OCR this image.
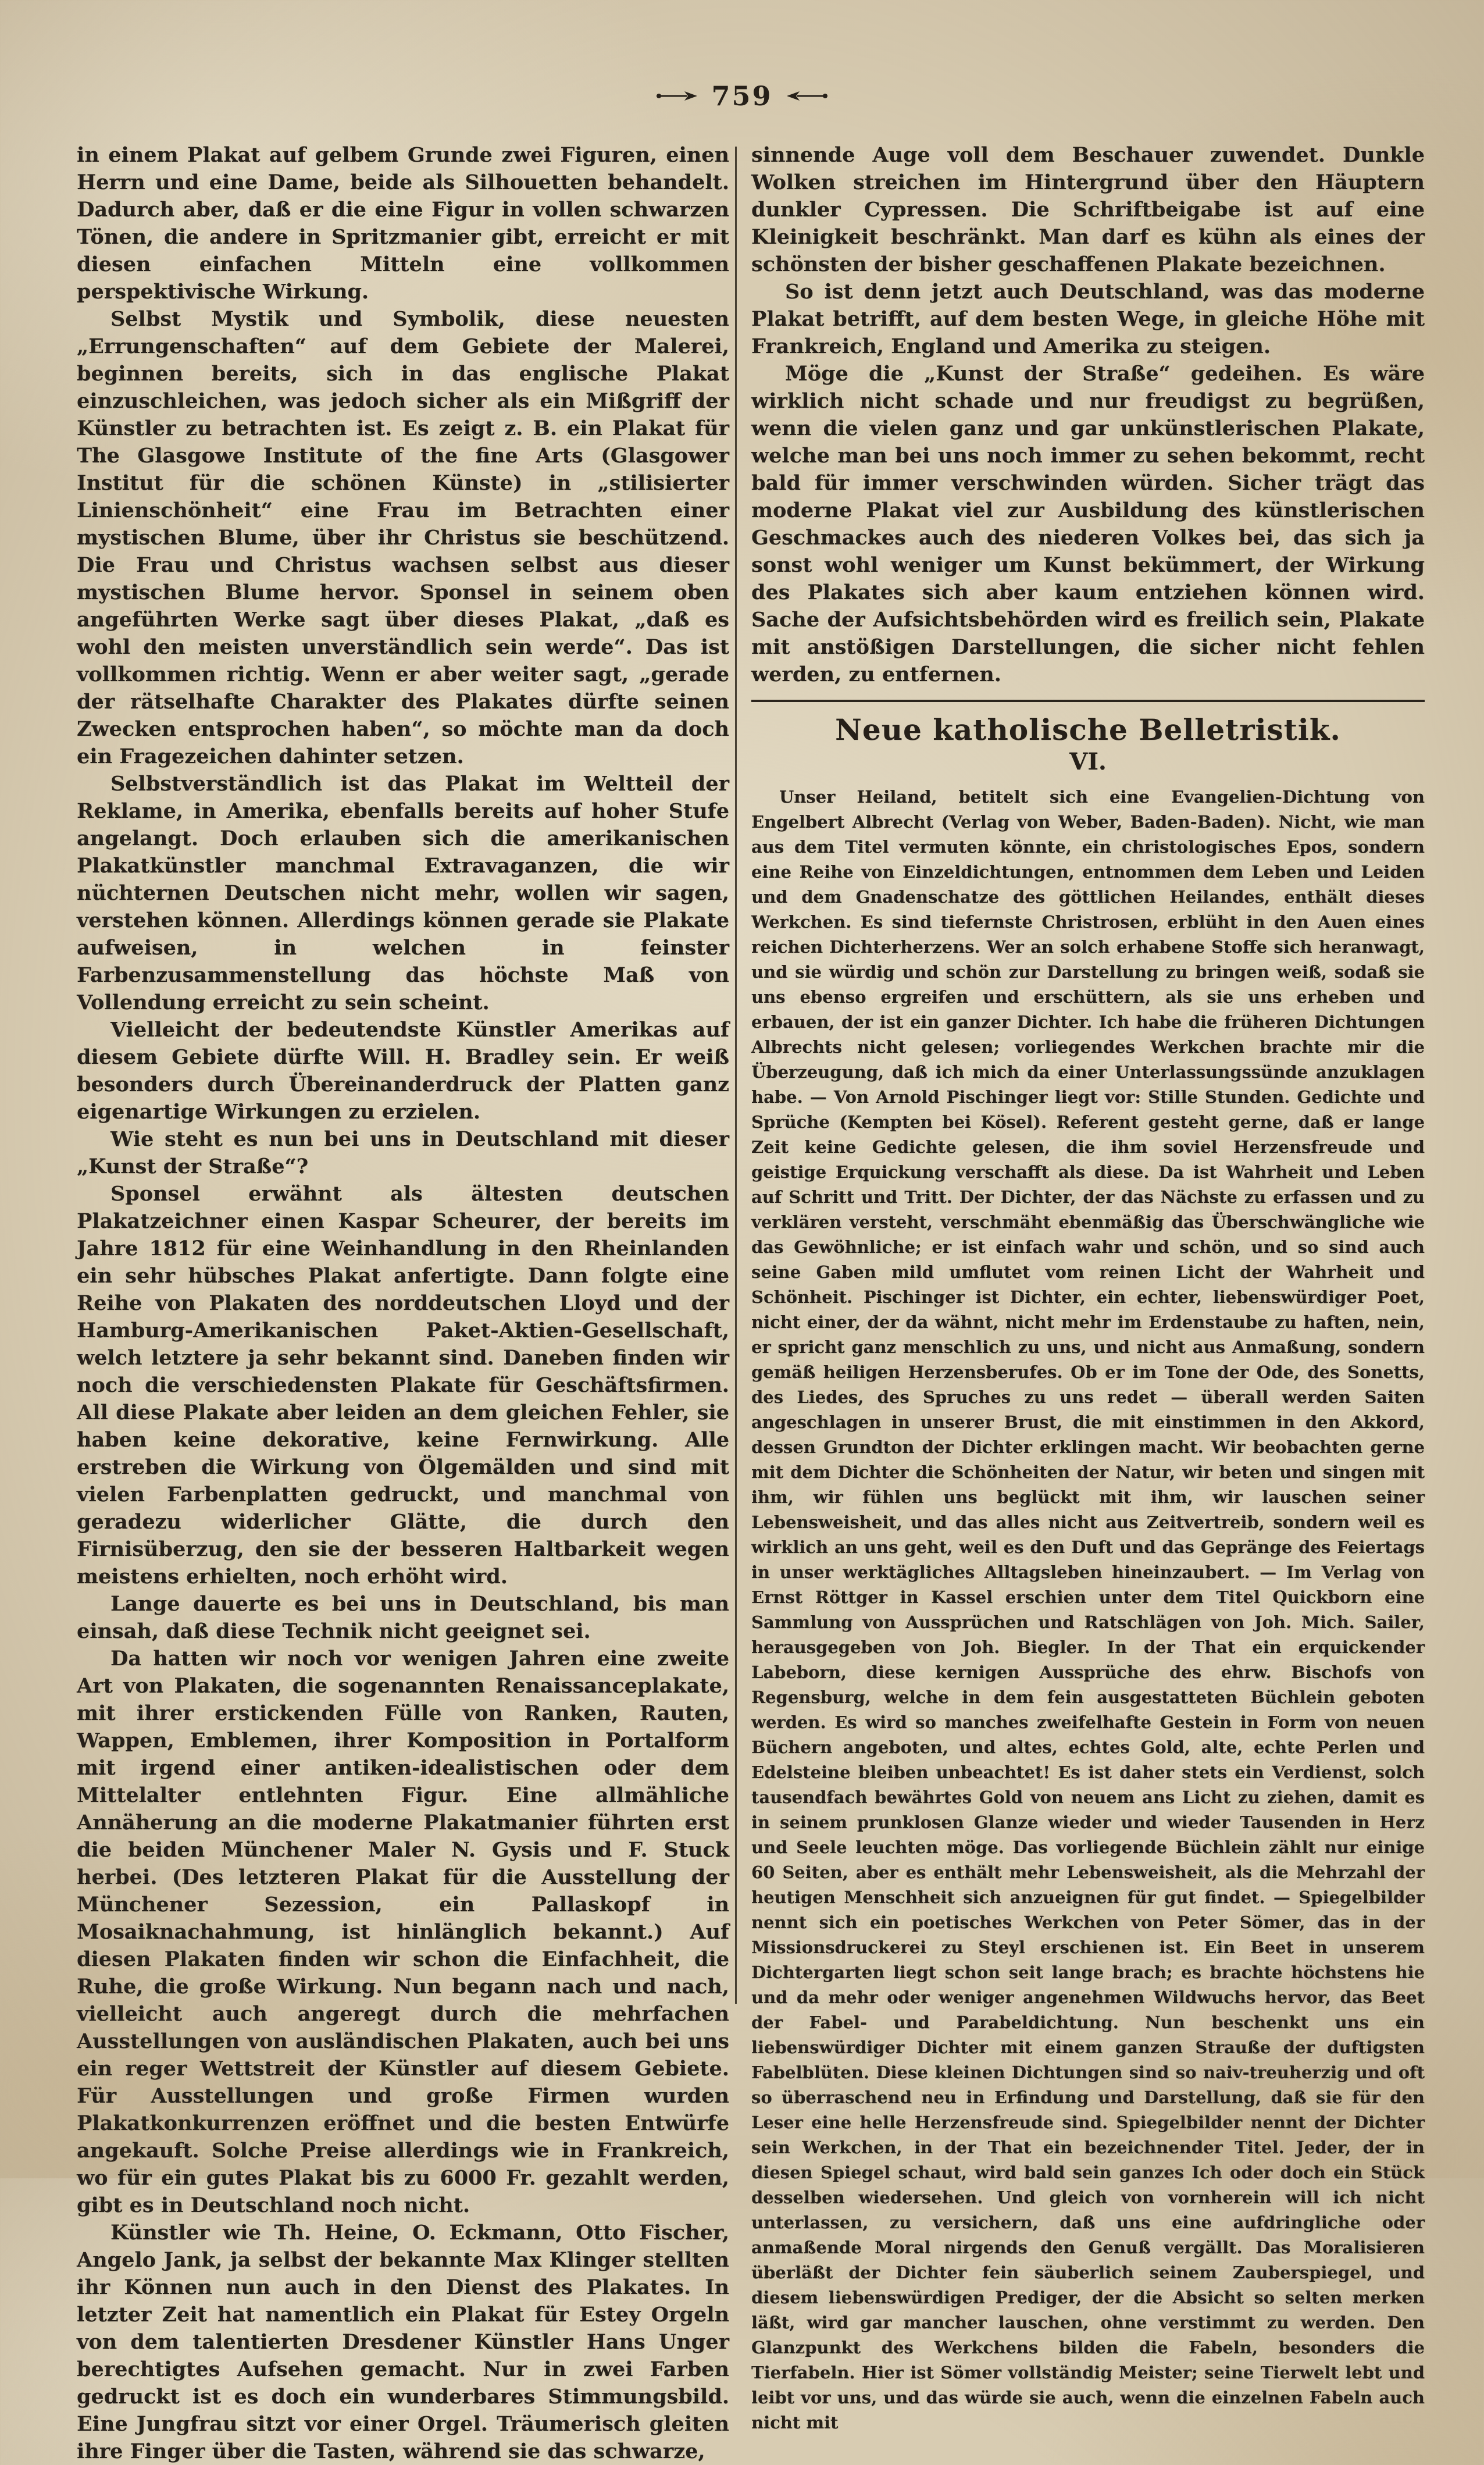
759

in einem Plakat auf gelbem Grunde zwei Figuren, einen Herrn und eine Dame, beide als Silhouetten behandelt. Dadurch aber, daß er die eine Figur in vollen schwarzen Tönen, die andere in Spritzmanier gibt, erreicht er mit diesen einfachen Mitteln eine vollkommen perspektivische Wirkung.

Selbst Mystik und Symbolik, diese neuesten „Errungenschaften“ auf dem Gebiete der Malerei, beginnen bereits, sich in das englische Plakat einzuschleichen, was jedoch sicher als ein Mißgriff der Künstler zu betrachten ist. Es zeigt z. B. ein Plakat für The Glasgowe Institute of the fine Arts (Glasgower Institut für die schönen Künste) in „stilisierter Linienschönheit“ eine Frau im Betrachten einer mystischen Blume, über ihr Christus sie beschützend. Die Frau und Christus wachsen selbst aus dieser mystischen Blume hervor. Sponsel in seinem oben angeführten Werke sagt über dieses Plakat, „daß es wohl den meisten unverständlich sein werde“. Das ist vollkommen richtig. Wenn er aber weiter sagt, „gerade der rätselhafte Charakter des Plakates dürfte seinen Zwecken entsprochen haben“, so möchte man da doch ein Fragezeichen dahinter setzen.

Selbstverständlich ist das Plakat im Weltteil der Reklame, in Amerika, ebenfalls bereits auf hoher Stufe angelangt. Doch erlauben sich die amerikanischen Plakatkünstler manchmal Extravaganzen, die wir nüchternen Deutschen nicht mehr, wollen wir sagen, verstehen können. Allerdings können gerade sie Plakate aufweisen, in welchen in feinster Farbenzusammenstellung das höchste Maß von Vollendung erreicht zu sein scheint.

Vielleicht der bedeutendste Künstler Amerikas auf diesem Gebiete dürfte Will. H. Bradley sein. Er weiß besonders durch Übereinanderdruck der Platten ganz eigenartige Wirkungen zu erzielen.

Wie steht es nun bei uns in Deutschland mit dieser „Kunst der Straße“?

Sponsel erwähnt als ältesten deutschen Plakatzeichner einen Kaspar Scheurer, der bereits im Jahre 1812 für eine Weinhandlung in den Rheinlanden ein sehr hübsches Plakat anfertigte. Dann folgte eine Reihe von Plakaten des norddeutschen Lloyd und der Hamburg-Amerikanischen Paket-Aktien-Gesellschaft, welch letztere ja sehr bekannt sind. Daneben finden wir noch die verschiedensten Plakate für Geschäftsfirmen. All diese Plakate aber leiden an dem gleichen Fehler, sie haben keine dekorative, keine Fernwirkung. Alle erstreben die Wirkung von Ölgemälden und sind mit vielen Farbenplatten gedruckt, und manchmal von geradezu widerlicher Glätte, die durch den Firnisüberzug, den sie der besseren Haltbarkeit wegen meistens erhielten, noch erhöht wird.

Lange dauerte es bei uns in Deutschland, bis man einsah, daß diese Technik nicht geeignet sei.

Da hatten wir noch vor wenigen Jahren eine zweite Art von Plakaten, die sogenannten Renaissanceplakate, mit ihrer erstickenden Fülle von Ranken, Rauten, Wappen, Emblemen, ihrer Komposition in Portalform mit irgend einer antiken-idealistischen oder dem Mittelalter entlehnten Figur. Eine allmähliche Annäherung an die moderne Plakatmanier führten erst die beiden Münchener Maler N. Gysis und F. Stuck herbei. (Des letzteren Plakat für die Ausstellung der Münchener Sezession, ein Pallaskopf in Mosaiknachahmung, ist hinlänglich bekannt.) Auf diesen Plakaten finden wir schon die Einfachheit, die Ruhe, die große Wirkung. Nun begann nach und nach, vielleicht auch angeregt durch die mehrfachen Ausstellungen von ausländischen Plakaten, auch bei uns ein reger Wettstreit der Künstler auf diesem Gebiete. Für Ausstellungen und große Firmen wurden Plakatkonkurrenzen eröffnet und die besten Entwürfe angekauft. Solche Preise allerdings wie in Frankreich, wo für ein gutes Plakat bis zu 6000 Fr. gezahlt werden, gibt es in Deutschland noch nicht.

Künstler wie Th. Heine, O. Eckmann, Otto Fischer, Angelo Jank, ja selbst der bekannte Max Klinger stellten ihr Können nun auch in den Dienst des Plakates. In letzter Zeit hat namentlich ein Plakat für Estey Orgeln von dem talentierten Dresdener Künstler Hans Unger berechtigtes Aufsehen gemacht. Nur in zwei Farben gedruckt ist es doch ein wunderbares Stimmungsbild. Eine Jungfrau sitzt vor einer Orgel. Träumerisch gleiten ihre Finger über die Tasten, während sie das schwarze,

sinnende Auge voll dem Beschauer zuwendet. Dunkle Wolken streichen im Hintergrund über den Häuptern dunkler Cypressen. Die Schriftbeigabe ist auf eine Kleinigkeit beschränkt. Man darf es kühn als eines der schönsten der bisher geschaffenen Plakate bezeichnen.

So ist denn jetzt auch Deutschland, was das moderne Plakat betrifft, auf dem besten Wege, in gleiche Höhe mit Frankreich, England und Amerika zu steigen.

Möge die „Kunst der Straße“ gedeihen. Es wäre wirklich nicht schade und nur freudigst zu begrüßen, wenn die vielen ganz und gar unkünstlerischen Plakate, welche man bei uns noch immer zu sehen bekommt, recht bald für immer verschwinden würden. Sicher trägt das moderne Plakat viel zur Ausbildung des künstlerischen Geschmackes auch des niederen Volkes bei, das sich ja sonst wohl weniger um Kunst bekümmert, der Wirkung des Plakates sich aber kaum entziehen können wird. Sache der Aufsichtsbehörden wird es freilich sein, Plakate mit anstößigen Darstellungen, die sicher nicht fehlen werden, zu entfernen.

Neue katholische Belletristik.
VI.

Unser Heiland, betitelt sich eine Evangelien-Dichtung von Engelbert Albrecht (Verlag von Weber, Baden-Baden). Nicht, wie man aus dem Titel vermuten könnte, ein christologisches Epos, sondern eine Reihe von Einzeldichtungen, entnommen dem Leben und Leiden und dem Gnadenschatze des göttlichen Heilandes, enthält dieses Werkchen. Es sind tiefernste Christrosen, erblüht in den Auen eines reichen Dichterherzens. Wer an solch erhabene Stoffe sich heranwagt, und sie würdig und schön zur Darstellung zu bringen weiß, sodaß sie uns ebenso ergreifen und erschüttern, als sie uns erheben und erbauen, der ist ein ganzer Dichter. Ich habe die früheren Dichtungen Albrechts nicht gelesen; vorliegendes Werkchen brachte mir die Überzeugung, daß ich mich da einer Unterlassungssünde anzuklagen habe. — Von Arnold Pischinger liegt vor: Stille Stunden. Gedichte und Sprüche (Kempten bei Kösel). Referent gesteht gerne, daß er lange Zeit keine Gedichte gelesen, die ihm soviel Herzensfreude und geistige Erquickung verschafft als diese. Da ist Wahrheit und Leben auf Schritt und Tritt. Der Dichter, der das Nächste zu erfassen und zu verklären versteht, verschmäht ebenmäßig das Überschwängliche wie das Gewöhnliche; er ist einfach wahr und schön, und so sind auch seine Gaben mild umflutet vom reinen Licht der Wahrheit und Schönheit. Pischinger ist Dichter, ein echter, liebenswürdiger Poet, nicht einer, der da wähnt, nicht mehr im Erdenstaube zu haften, nein, er spricht ganz menschlich zu uns, und nicht aus Anmaßung, sondern gemäß heiligen Herzensberufes. Ob er im Tone der Ode, des Sonetts, des Liedes, des Spruches zu uns redet — überall werden Saiten angeschlagen in unserer Brust, die mit einstimmen in den Akkord, dessen Grundton der Dichter erklingen macht. Wir beobachten gerne mit dem Dichter die Schönheiten der Natur, wir beten und singen mit ihm, wir fühlen uns beglückt mit ihm, wir lauschen seiner Lebensweisheit, und das alles nicht aus Zeitvertreib, sondern weil es wirklich an uns geht, weil es den Duft und das Gepränge des Feiertags in unser werktägliches Alltagsleben hineinzaubert. — Im Verlag von Ernst Röttger in Kassel erschien unter dem Titel Quickborn eine Sammlung von Aussprüchen und Ratschlägen von Joh. Mich. Sailer, herausgegeben von Joh. Biegler. In der That ein erquickender Labeborn, diese kernigen Aussprüche des ehrw. Bischofs von Regensburg, welche in dem fein ausgestatteten Büchlein geboten werden. Es wird so manches zweifelhafte Gestein in Form von neuen Büchern angeboten, und altes, echtes Gold, alte, echte Perlen und Edelsteine bleiben unbeachtet! Es ist daher stets ein Verdienst, solch tausendfach bewährtes Gold von neuem ans Licht zu ziehen, damit es in seinem prunklosen Glanze wieder und wieder Tausenden in Herz und Seele leuchten möge. Das vorliegende Büchlein zählt nur einige 60 Seiten, aber es enthält mehr Lebensweisheit, als die Mehrzahl der heutigen Menschheit sich anzueignen für gut findet. — Spiegelbilder nennt sich ein poetisches Werkchen von Peter Sömer, das in der Missionsdruckerei zu Steyl erschienen ist. Ein Beet in unserem Dichtergarten liegt schon seit lange brach; es brachte höchstens hie und da mehr oder weniger angenehmen Wildwuchs hervor, das Beet der Fabel- und Parabeldichtung. Nun beschenkt uns ein liebenswürdiger Dichter mit einem ganzen Strauße der duftigsten Fabelblüten. Diese kleinen Dichtungen sind so naiv-treuherzig und oft so überraschend neu in Erfindung und Darstellung, daß sie für den Leser eine helle Herzensfreude sind. Spiegelbilder nennt der Dichter sein Werkchen, in der That ein bezeichnender Titel. Jeder, der in diesen Spiegel schaut, wird bald sein ganzes Ich oder doch ein Stück desselben wiedersehen. Und gleich von vornherein will ich nicht unterlassen, zu versichern, daß uns eine aufdringliche oder anmaßende Moral nirgends den Genuß vergällt. Das Moralisieren überläßt der Dichter fein säuberlich seinem Zauberspiegel, und diesem liebenswürdigen Prediger, der die Absicht so selten merken läßt, wird gar mancher lauschen, ohne verstimmt zu werden. Den Glanzpunkt des Werkchens bilden die Fabeln, besonders die Tierfabeln. Hier ist Sömer vollständig Meister; seine Tierwelt lebt und leibt vor uns, und das würde sie auch, wenn die einzelnen Fabeln auch nicht mit
